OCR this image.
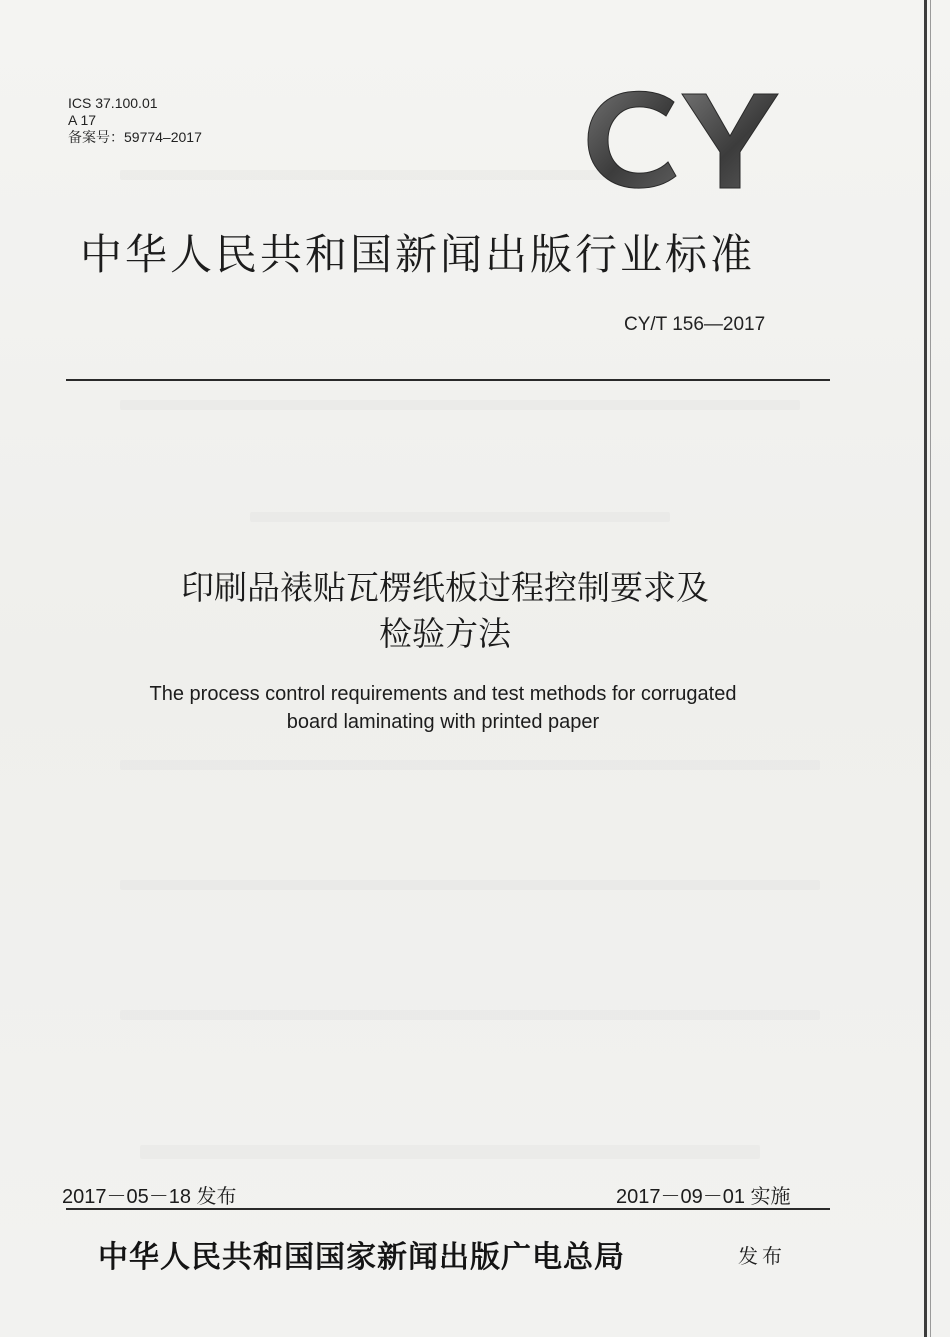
ICS 37.100.01
A 17
备案号：59774–2017	CY
中华人民共和国新闻出版行业标准
CY/T 156—2017
印刷品裱贴瓦楞纸板过程控制要求及
检验方法
The process control requirements and test methods for corrugated
board laminating with printed paper
2017－05－18 发布	2017－09－01 实施
中华人民共和国国家新闻出版广电总局	发布
